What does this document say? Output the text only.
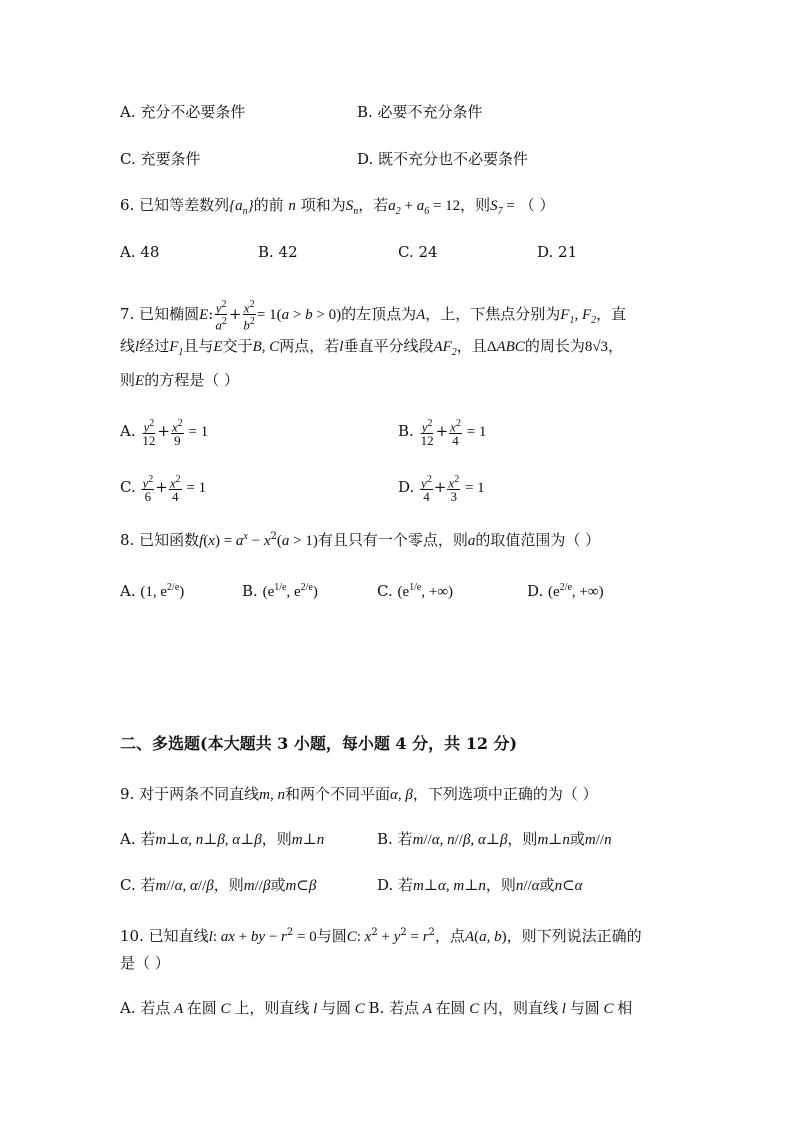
A. 充分不必要条件	B. 必要不充分条件
C. 充要条件	D. 既不充分也不必要条件
6. 已知等差数列$\{a_n\}$的前 n 项和为$S_n$，若$a_2 + a_6 = 12$，则$S_7$ = （ ）
A. 48	B. 42	C. 24	D. 21
7. 已知椭圆E: $\frac{y^2}{a^2} + \frac{x^2}{b^2} = 1(a > b > 0)$的左顶点为A，上，下焦点分别为$F_1$, $F_2$，直
线l经过$F_1$且与E交于B, C两点，若l垂直平分线段$AF_2$，且ΔABC的周长为8√3，
则E的方程是（ ）
A. $\frac{y^2}{12} + \frac{x^2}{9} = 1$	B. $\frac{y^2}{12} + \frac{x^2}{4} = 1$
C. $\frac{y^2}{6} + \frac{x^2}{4} = 1$	D. $\frac{y^2}{4} + \frac{x^2}{3} = 1$
8. 已知函数$f(x) = a^x - x^2(a > 1)$有且只有一个零点，则a的取值范围为（ ）
A. (1, $e^{2/e}$)	B. ($e^{1/e}$, $e^{2/e}$)	C. ($e^{1/e}$, +∞)	D. ($e^{2/e}$, +∞)
二、多选题(本大题共 3 小题，每小题 4 分，共 12 分)
9. 对于两条不同直线m, n和两个不同平面α, β，下列选项中正确的为（ ）
A. 若m⊥α, n⊥β, α⊥β，则m⊥n	B. 若m//α, n//β, α⊥β，则m⊥n或m//n
C. 若m//α, α//β，则m//β或m⊂β	D. 若m⊥α, m⊥n，则n//α或n⊂α
10. 已知直线l: ax + by − $r^2 = 0$与圆C: $x^2 + y^2 = r^2$，点A(a, b)，则下列说法正确的
是（ ）
A. 若点 A 在圆 C 上，则直线 l 与圆 C B. 若点 A 在圆 C 内，则直线 l 与圆 C 相
